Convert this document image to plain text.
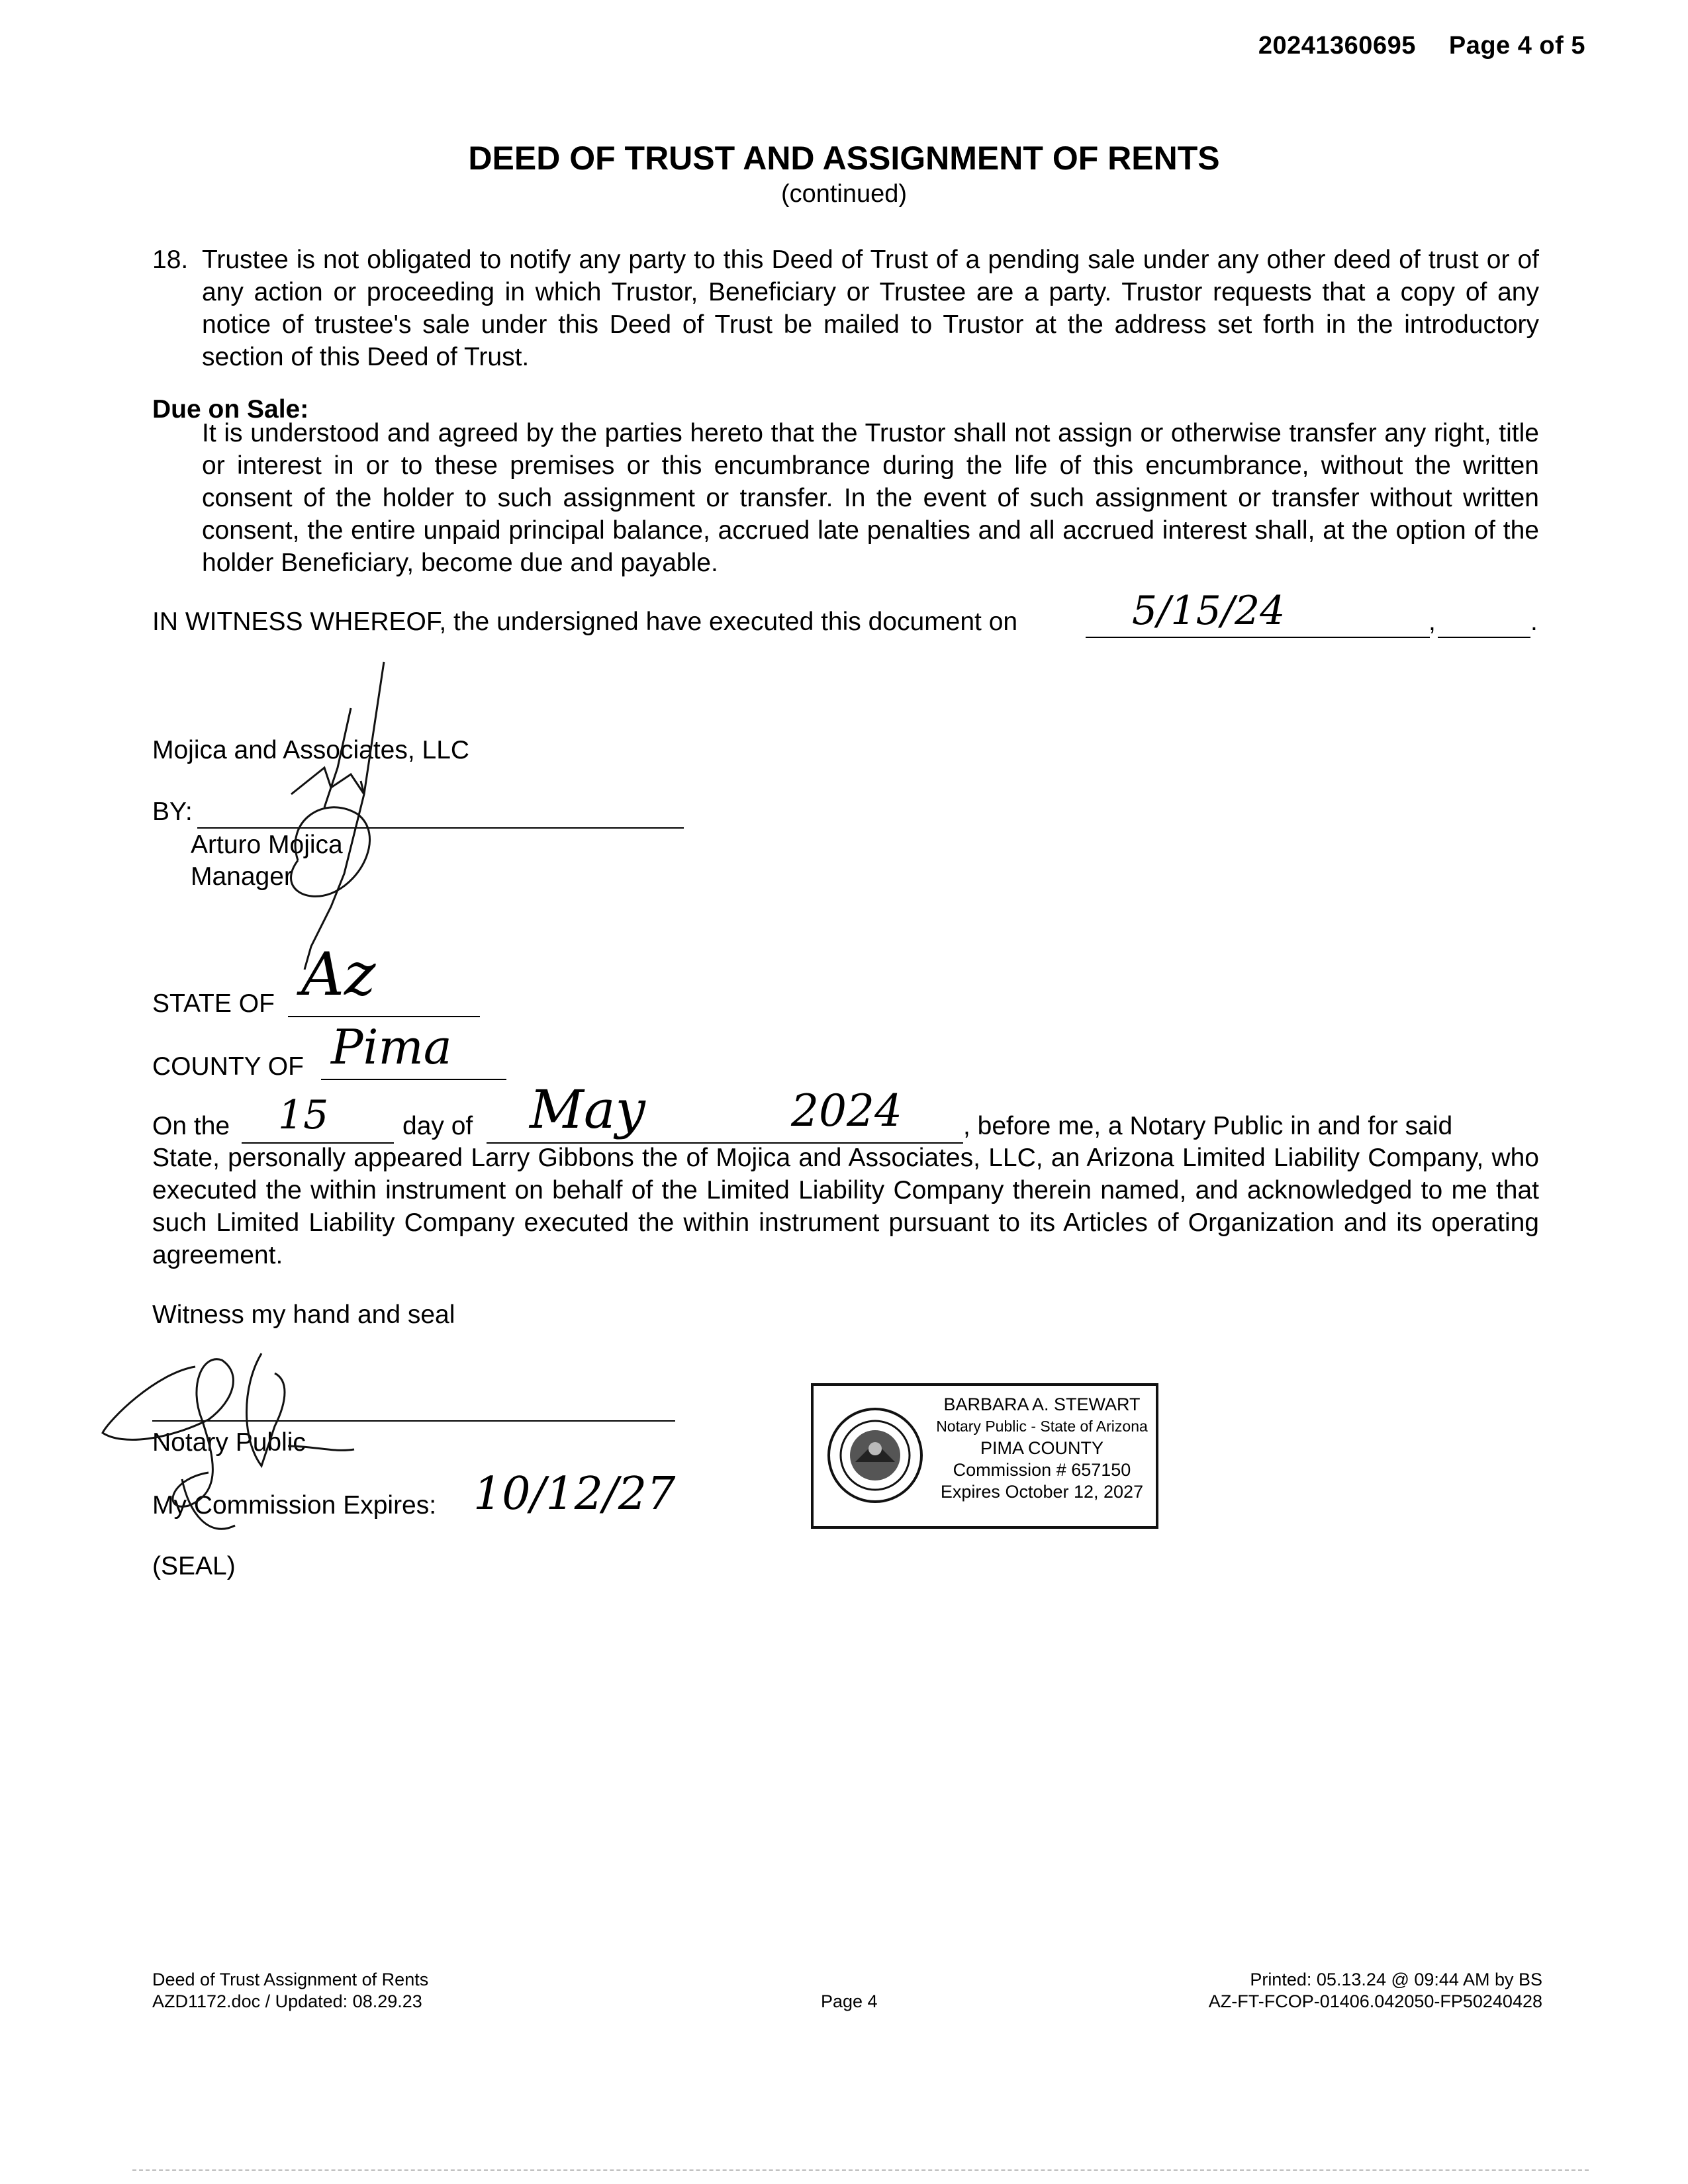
20241360695 Page 4 of 5
DEED OF TRUST AND ASSIGNMENT OF RENTS
(continued)
18. Trustee is not obligated to notify any party to this Deed of Trust of a pending sale under any other deed of trust or of any action or proceeding in which Trustor, Beneficiary or Trustee are a party. Trustor requests that a copy of any notice of trustee's sale under this Deed of Trust be mailed to Trustor at the address set forth in the introductory section of this Deed of Trust.
Due on Sale:
It is understood and agreed by the parties hereto that the Trustor shall not assign or otherwise transfer any right, title or interest in or to these premises or this encumbrance during the life of this encumbrance, without the written consent of the holder to such assignment or transfer. In the event of such assignment or transfer without written consent, the entire unpaid principal balance, accrued late penalties and all accrued interest shall, at the option of the holder Beneficiary, become due and payable.
IN WITNESS WHEREOF, the undersigned have executed this document on	5/15/24	,	.
Mojica and Associates, LLC
BY:
Arturo Mojica
Manager
STATE OF Az
COUNTY OF Pima
On the 15	day of May	2024 , before me, a Notary Public in and for said
State, personally appeared Larry Gibbons the of Mojica and Associates, LLC, an Arizona Limited Liability Company, who executed the within instrument on behalf of the Limited Liability Company therein named, and acknowledged to me that such Limited Liability Company executed the within instrument pursuant to its Articles of Organization and its operating agreement.
Witness my hand and seal
Notary Public
My Commission Expires: 10/12/27
(SEAL)
BARBARA A. STEWART
Notary Public - State of Arizona
PIMA COUNTY
Commission # 657150
Expires October 12, 2027
Deed of Trust Assignment of Rents
AZD1172.doc / Updated: 08.29.23	Page 4
Printed: 05.13.24 @ 09:44 AM by BS
AZ-FT-FCOP-01406.042050-FP50240428
